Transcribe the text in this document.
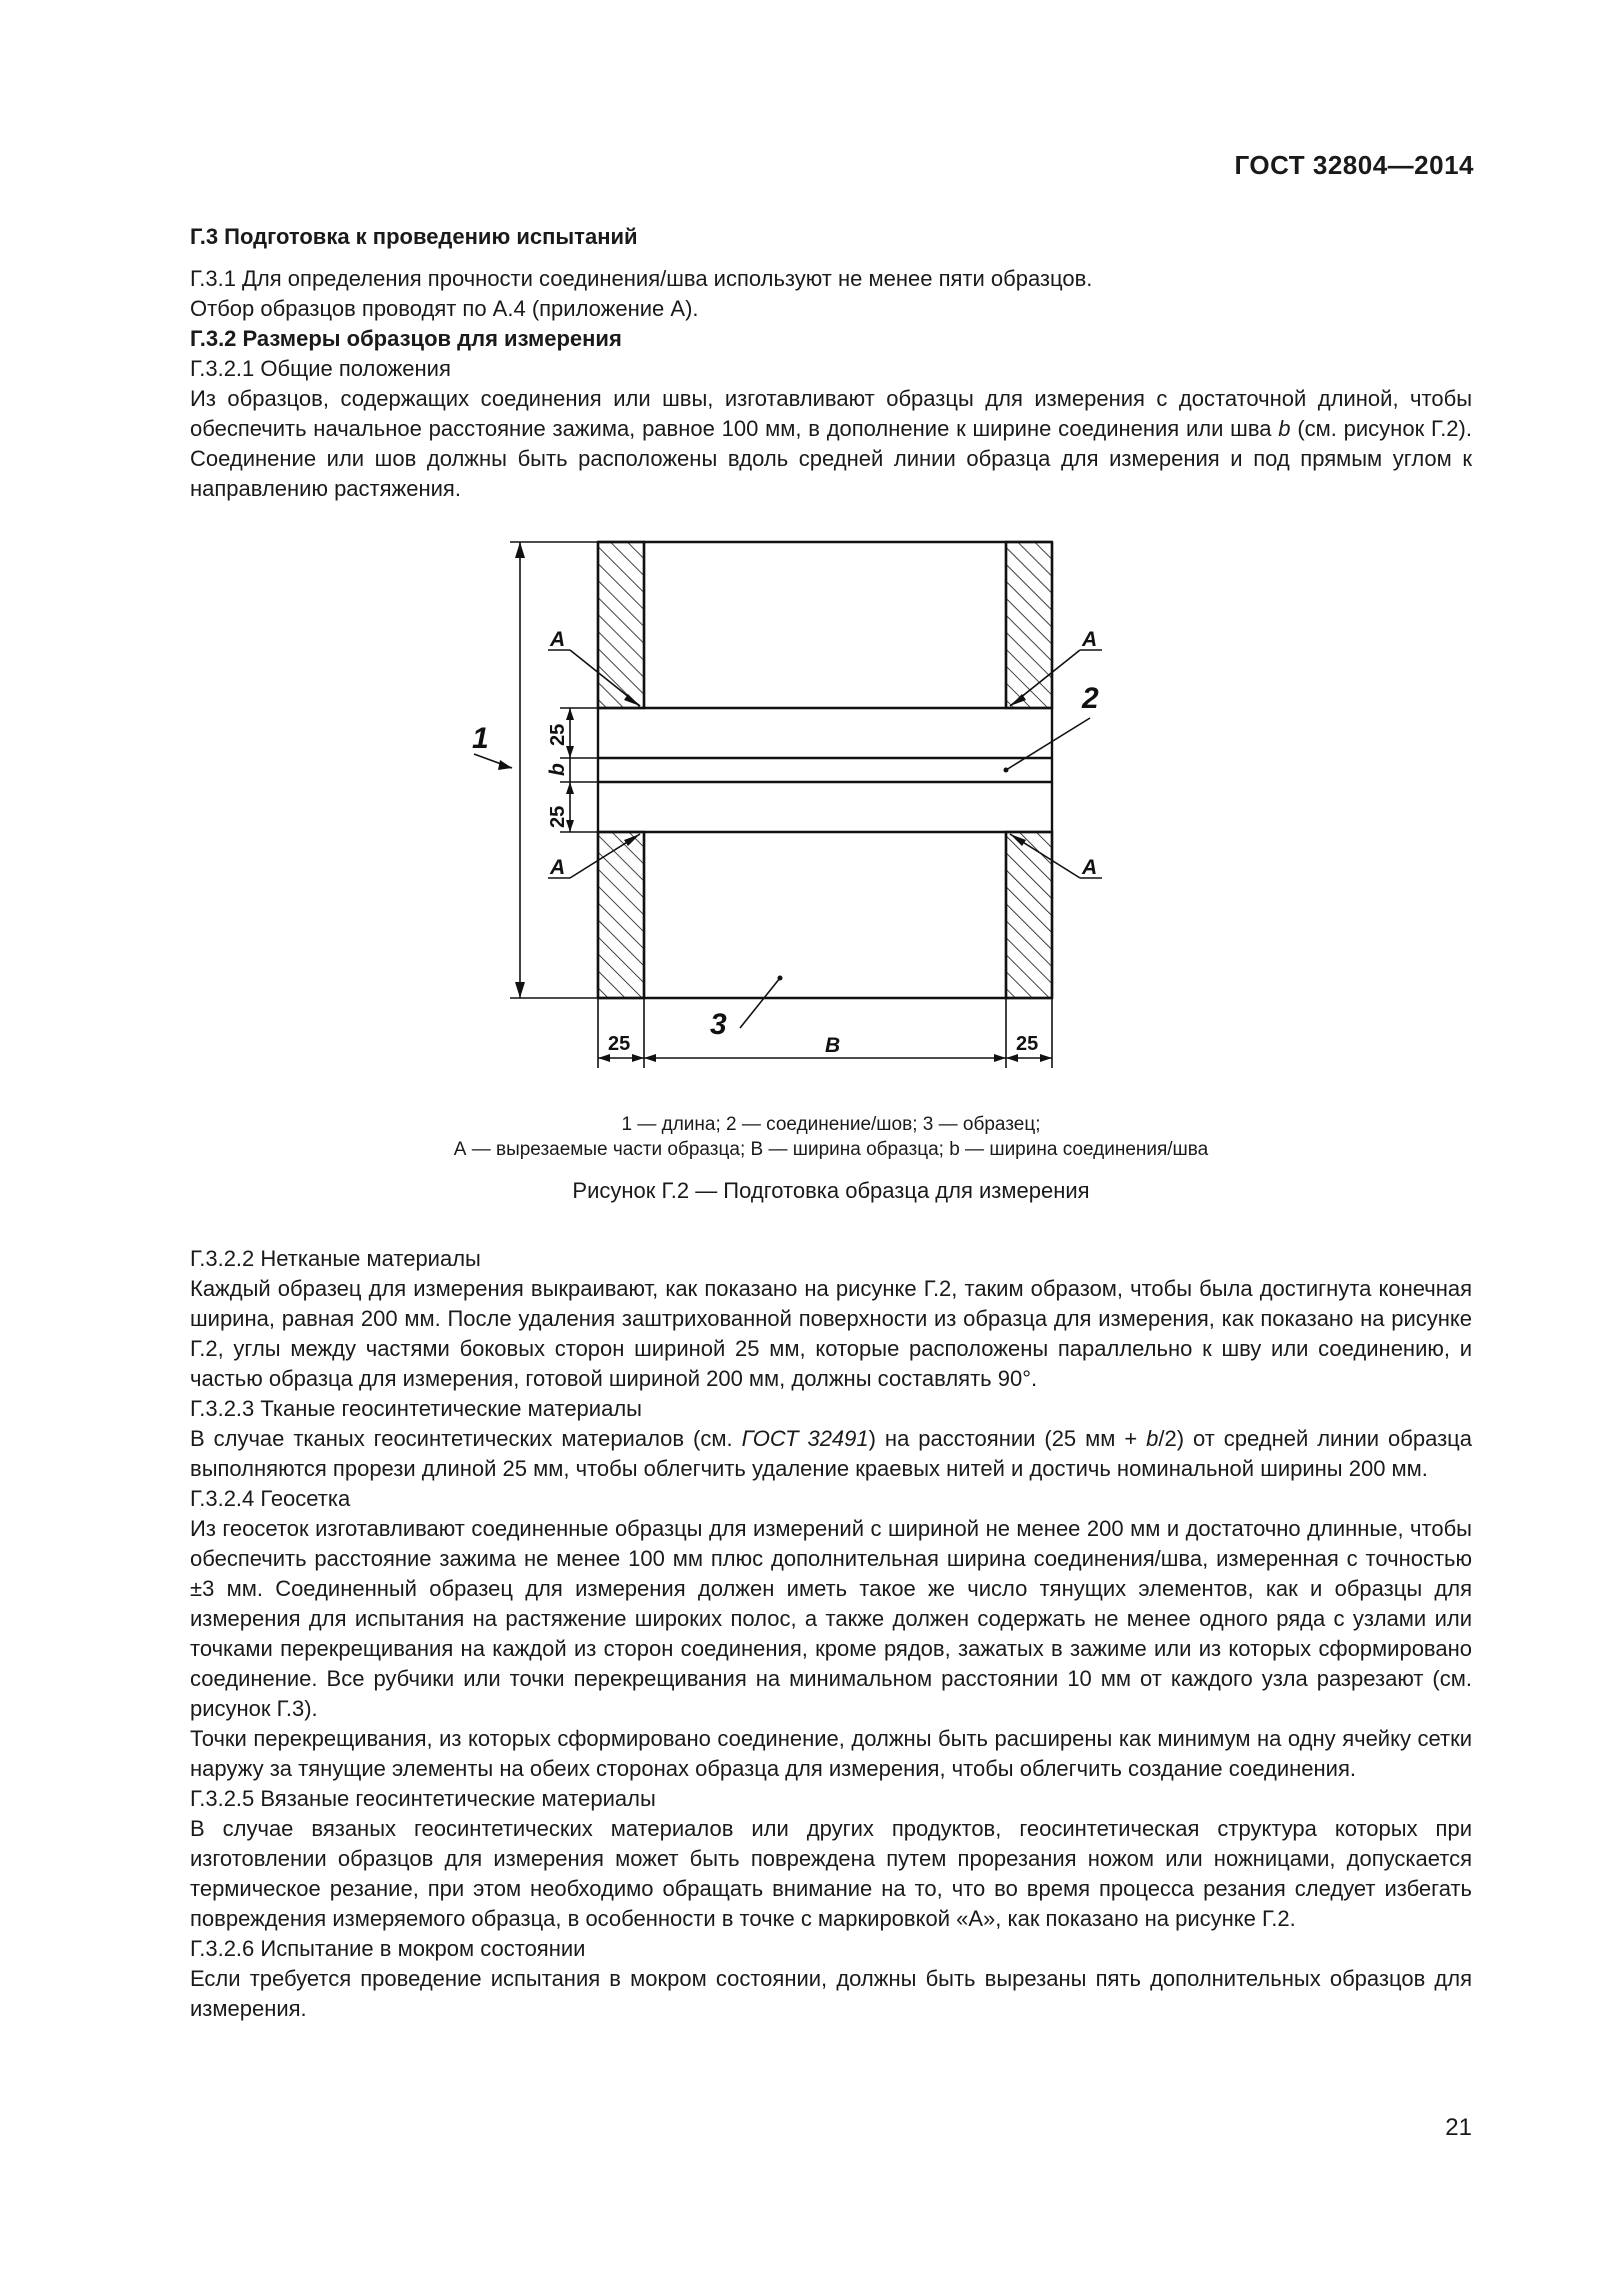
ГОСТ 32804—2014

Г.3 Подготовка к проведению испытаний

Г.3.1 Для определения прочности соединения/шва используют не менее пяти образцов.

Отбор образцов проводят по А.4 (приложение А).

Г.3.2 Размеры образцов для измерения

Г.3.2.1 Общие положения

Из образцов, содержащих соединения или швы, изготавливают образцы для измерения с достаточной длиной, чтобы обеспечить начальное расстояние зажима, равное 100 мм, в дополнение к ширине соединения или шва b (см. рисунок Г.2). Соединение или шов должны быть расположены вдоль средней линии образца для измерения и под прямым углом к направлению растяжения.

1
2
3
А	А
А	А
В
25	25
25
b
25
1 — длина; 2 — соединение/шов; 3 — образец;
А — вырезаемые части образца; В — ширина образца; b — ширина соединения/шва
Рисунок Г.2 — Подготовка образца для измерения

Г.3.2.2 Нетканые материалы

Каждый образец для измерения выкраивают, как показано на рисунке Г.2, таким образом, чтобы была достигнута конечная ширина, равная 200 мм. После удаления заштрихованной поверхности из образца для измерения, как показано на рисунке Г.2, углы между частями боковых сторон шириной 25 мм, которые расположены параллельно к шву или соединению, и частью образца для измерения, готовой шириной 200 мм, должны составлять 90°.

Г.3.2.3 Тканые геосинтетические материалы

В случае тканых геосинтетических материалов (см. ГОСТ 32491) на расстоянии (25 мм + b/2) от средней линии образца выполняются прорези длиной 25 мм, чтобы облегчить удаление краевых нитей и достичь номинальной ширины 200 мм.

Г.3.2.4 Геосетка

Из геосеток изготавливают соединенные образцы для измерений с шириной не менее 200 мм и достаточно длинные, чтобы обеспечить расстояние зажима не менее 100 мм плюс дополнительная ширина соединения/шва, измеренная с точностью ±3 мм. Соединенный образец для измерения должен иметь такое же число тянущих элементов, как и образцы для измерения для испытания на растяжение широких полос, а также должен содержать не менее одного ряда с узлами или точками перекрещивания на каждой из сторон соединения, кроме рядов, зажатых в зажиме или из которых сформировано соединение. Все рубчики или точки перекрещивания на минимальном расстоянии 10 мм от каждого узла разрезают (см. рисунок Г.3).

Точки перекрещивания, из которых сформировано соединение, должны быть расширены как минимум на одну ячейку сетки наружу за тянущие элементы на обеих сторонах образца для измерения, чтобы облегчить создание соединения.

Г.3.2.5 Вязаные геосинтетические материалы

В случае вязаных геосинтетических материалов или других продуктов, геосинтетическая структура которых при изготовлении образцов для измерения может быть повреждена путем прорезания ножом или ножницами, допускается термическое резание, при этом необходимо обращать внимание на то, что во время процесса резания следует избегать повреждения измеряемого образца, в особенности в точке с маркировкой «А», как показано на рисунке Г.2.

Г.3.2.6 Испытание в мокром состоянии

Если требуется проведение испытания в мокром состоянии, должны быть вырезаны пять дополнительных образцов для измерения.

21
